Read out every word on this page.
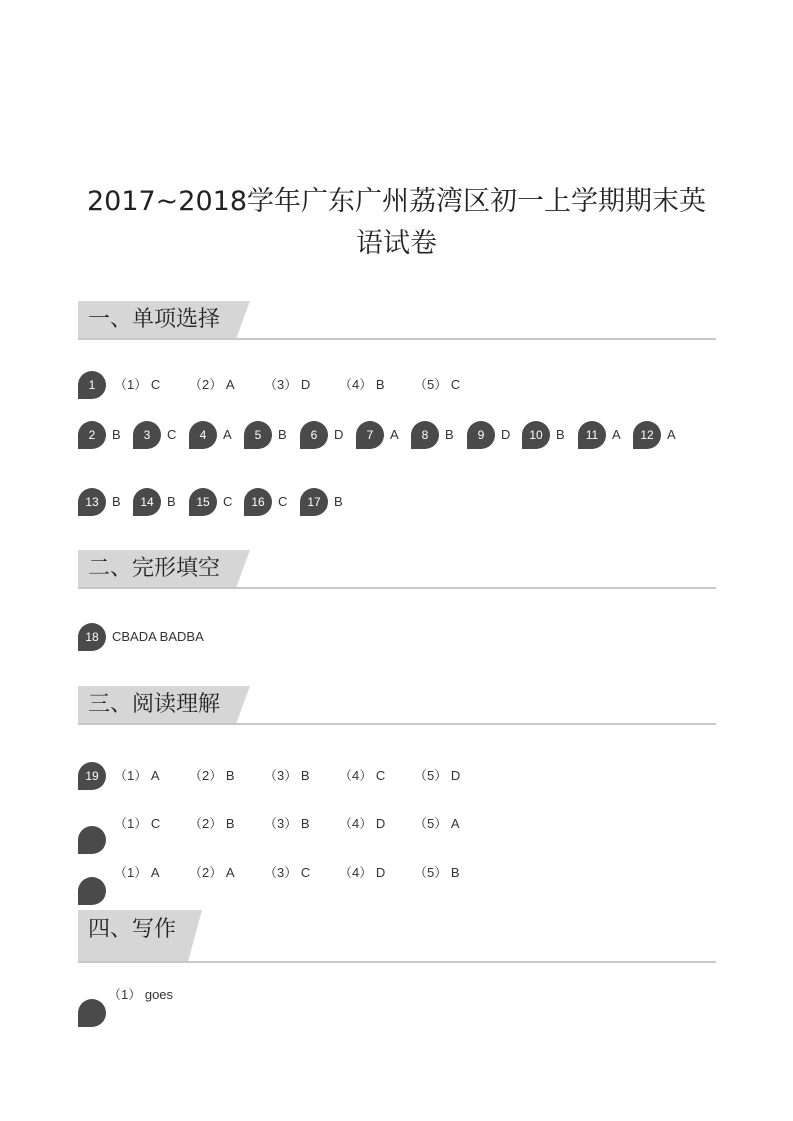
2017~2018学年广东广州荔湾区初一上学期期末英
语试卷
一、单项选择
1	（1） C （2） A （3） D （4） B （5） C
2	B	3	C	4	A	5	B	6	D	7	A	8	B	9	D	10	B	11	A	12	A
13	B	14	B	15	C	16	C	17	B
二、完形填空
18	CBADA BADBA
三、阅读理解
19	（1） A （2） B （3） B （4） C （5） D
（1） C （2） B （3） B （4） D （5） A
（1） A （2） A （3） C （4） D （5） B
四、写作
（1） goes
